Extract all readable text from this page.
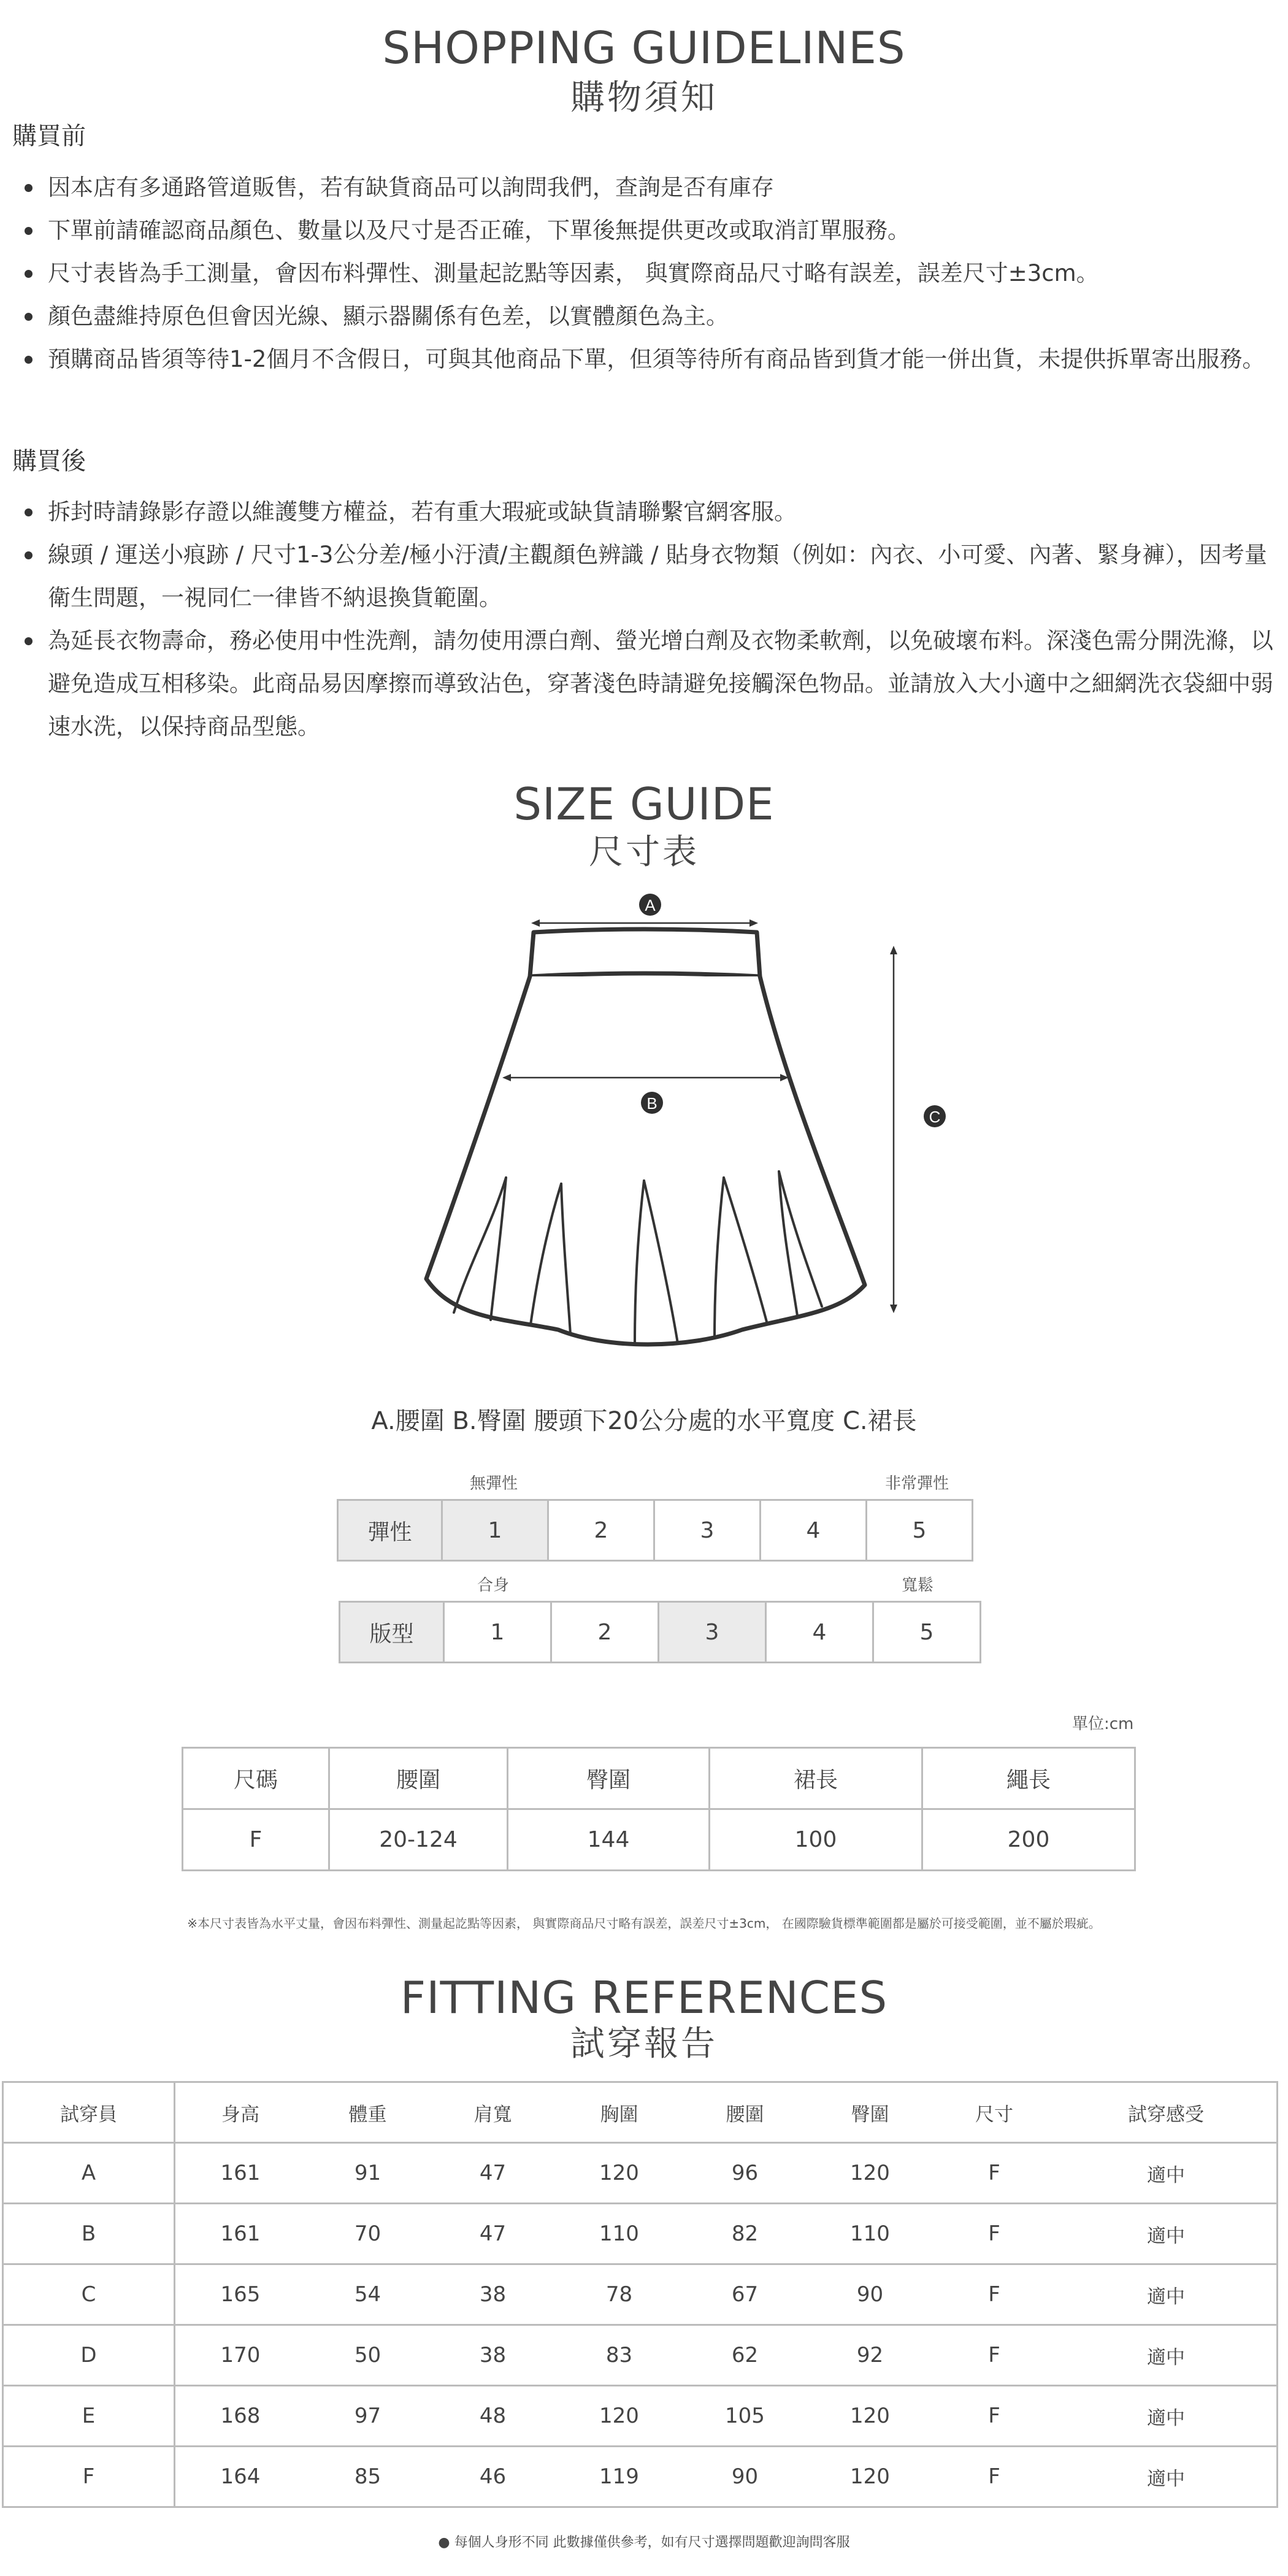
SHOPPING GUIDELINES
購物須知
購買前
因本店有多通路管道販售，若有缺貨商品可以詢問我們，查詢是否有庫存
下單前請確認商品顏色、數量以及尺寸是否正確，下單後無提供更改或取消訂單服務。
尺寸表皆為手工測量，會因布料彈性、測量起訖點等因素， 與實際商品尺寸略有誤差，誤差尺寸±3cm。
顏色盡維持原色但會因光線、顯示器關係有色差，以實體顏色為主。
預購商品皆須等待1-2個月不含假日，可與其他商品下單，但須等待所有商品皆到貨才能一併出貨，未提供拆單寄出服務。
購買後
拆封時請錄影存證以維護雙方權益，若有重大瑕疵或缺貨請聯繫官網客服。
線頭 / 運送小痕跡 / 尺寸1-3公分差/極小汙漬/主觀顏色辨識 / 貼身衣物類（例如：內衣、小可愛、內著、緊身褲），因考量衛生問題，一視同仁一律皆不納退換貨範圍。
為延長衣物壽命，務必使用中性洗劑，請勿使用漂白劑、螢光增白劑及衣物柔軟劑，以免破壞布料。深淺色需分開洗滌，以避免造成互相移染。此商品易因摩擦而導致沾色，穿著淺色時請避免接觸深色物品。並請放入大小適中之細網洗衣袋細中弱速水洗，以保持商品型態。
SIZE GUIDE
尺寸表
A
B
C
A.腰圍 B.臀圍 腰頭下20公分處的水平寬度 C.裙長
無彈性	非常彈性
彈性	1	2	3	4	5
合身	寬鬆
版型	1	2	3	4	5
單位:cm
尺碼	腰圍	臀圍	裙長	繩長
F	20-124	144	100	200
※本尺寸表皆為水平丈量，會因布料彈性、測量起訖點等因素， 與實際商品尺寸略有誤差，誤差尺寸±3cm， 在國際驗貨標準範圍都是屬於可接受範圍，並不屬於瑕疵。
FITTING REFERENCES
試穿報告
試穿員	身高	體重	肩寬	胸圍	腰圍	臀圍	尺寸	試穿感受
A	161	91	47	120	96	120	F	適中
B	161	70	47	110	82	110	F	適中
C	165	54	38	78	67	90	F	適中
D	170	50	38	83	62	92	F	適中
E	168	97	48	120	105	120	F	適中
F	164	85	46	119	90	120	F	適中
● 每個人身形不同 此數據僅供參考，如有尺寸選擇問題歡迎詢問客服
